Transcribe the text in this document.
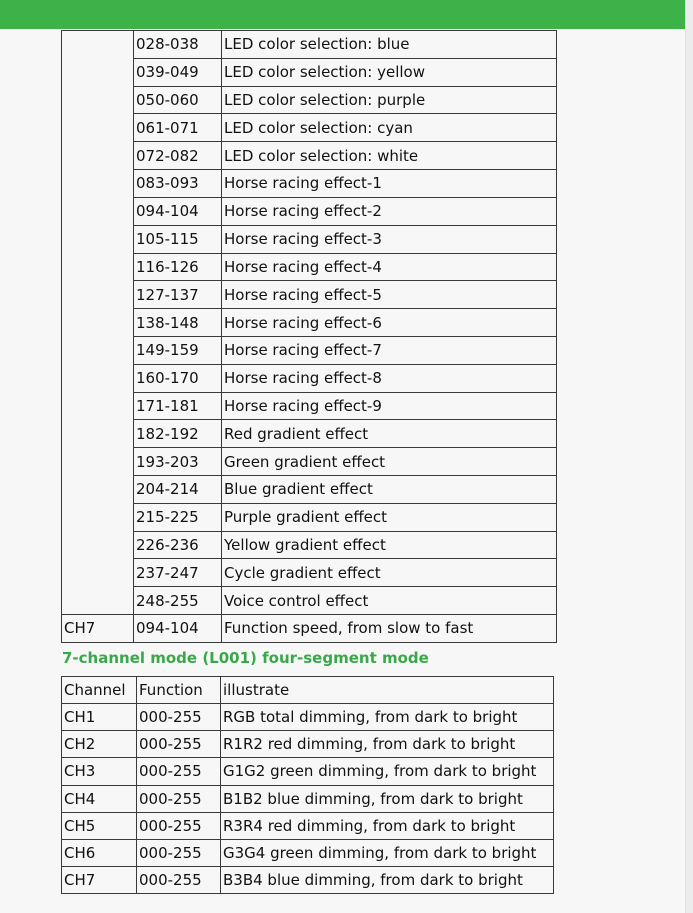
	028-038	LED color selection: blue
	039-049	LED color selection: yellow
	050-060	LED color selection: purple
	061-071	LED color selection: cyan
	072-082	LED color selection: white
	083-093	Horse racing effect-1
	094-104	Horse racing effect-2
	105-115	Horse racing effect-3
	116-126	Horse racing effect-4
	127-137	Horse racing effect-5
	138-148	Horse racing effect-6
	149-159	Horse racing effect-7
	160-170	Horse racing effect-8
	171-181	Horse racing effect-9
	182-192	Red gradient effect
	193-203	Green gradient effect
	204-214	Blue gradient effect
	215-225	Purple gradient effect
	226-236	Yellow gradient effect
	237-247	Cycle gradient effect
	248-255	Voice control effect
CH7	094-104	Function speed, from slow to fast
7-channel mode (L001) four-segment mode
Channel	Function	illustrate
CH1	000-255	RGB total dimming, from dark to bright
CH2	000-255	R1R2 red dimming, from dark to bright
CH3	000-255	G1G2 green dimming, from dark to bright
CH4	000-255	B1B2 blue dimming, from dark to bright
CH5	000-255	R3R4 red dimming, from dark to bright
CH6	000-255	G3G4 green dimming, from dark to bright
CH7	000-255	B3B4 blue dimming, from dark to bright
